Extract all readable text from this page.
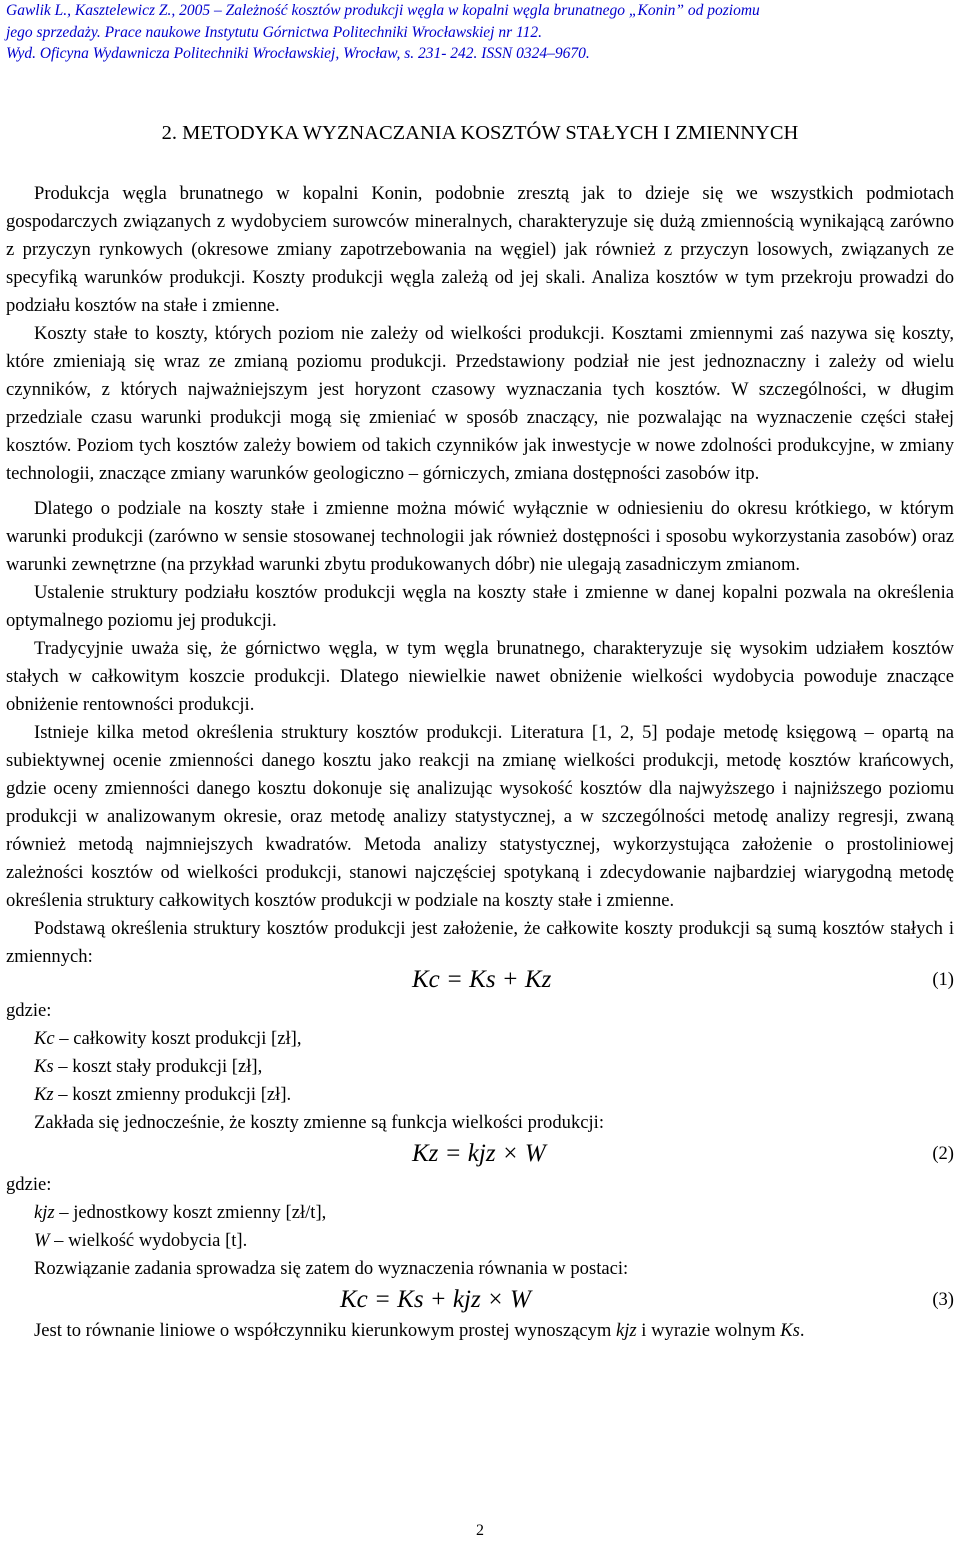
Gawlik L., Kasztelewicz Z., 2005 – Zależność kosztów produkcji węgla w kopalni węgla brunatnego „Konin” od poziomu
jego sprzedaży. Prace naukowe Instytutu Górnictwa Politechniki Wrocławskiej nr 112.
Wyd. Oficyna Wydawnicza Politechniki Wrocławskiej, Wrocław, s. 231- 242. ISSN 0324–9670.
2. METODYKA WYZNACZANIA KOSZTÓW STAŁYCH I ZMIENNYCH

Produkcja węgla brunatnego w kopalni Konin, podobnie zresztą jak to dzieje się we wszystkich podmiotach gospodarczych związanych z wydobyciem surowców mineralnych, charakteryzuje się dużą zmiennością wynikającą zarówno z przyczyn rynkowych (okresowe zmiany zapotrzebowania na węgiel) jak również z przyczyn losowych, związanych ze specyfiką warunków produkcji. Koszty produkcji węgla zależą od jej skali. Analiza kosztów w tym przekroju prowadzi do podziału kosztów na stałe i zmienne.

Koszty stałe to koszty, których poziom nie zależy od wielkości produkcji. Kosztami zmiennymi zaś nazywa się koszty, które zmieniają się wraz ze zmianą poziomu produkcji. Przedstawiony podział nie jest jednoznaczny i zależy od wielu czynników, z których najważniejszym jest horyzont czasowy wyznaczania tych kosztów. W szczególności, w długim przedziale czasu warunki produkcji mogą się zmieniać w sposób znaczący, nie pozwalając na wyznaczenie części stałej kosztów. Poziom tych kosztów zależy bowiem od takich czynników jak inwestycje w nowe zdolności produkcyjne, w zmiany technologii, znaczące zmiany warunków geologiczno – górniczych, zmiana dostępności zasobów itp.

Dlatego o podziale na koszty stałe i zmienne można mówić wyłącznie w odniesieniu do okresu krótkiego, w którym warunki produkcji (zarówno w sensie stosowanej technologii jak również dostępności i sposobu wykorzystania zasobów) oraz warunki zewnętrzne (na przykład warunki zbytu produkowanych dóbr) nie ulegają zasadniczym zmianom.

Ustalenie struktury podziału kosztów produkcji węgla na koszty stałe i zmienne w danej kopalni pozwala na określenia optymalnego poziomu jej produkcji.

Tradycyjnie uważa się, że górnictwo węgla, w tym węgla brunatnego, charakteryzuje się wysokim udziałem kosztów stałych w całkowitym koszcie produkcji. Dlatego niewielkie nawet obniżenie wielkości wydobycia powoduje znaczące obniżenie rentowności produkcji.

Istnieje kilka metod określenia struktury kosztów produkcji. Literatura [1, 2, 5] podaje metodę księgową – opartą na subiektywnej ocenie zmienności danego kosztu jako reakcji na zmianę wielkości produkcji, metodę kosztów krańcowych, gdzie oceny zmienności danego kosztu dokonuje się analizując wysokość kosztów dla najwyższego i najniższego poziomu produkcji w analizowanym okresie, oraz metodę analizy statystycznej, a w szczególności metodę analizy regresji, zwaną również metodą najmniejszych kwadratów. Metoda analizy statystycznej, wykorzystująca założenie o prostoliniowej zależności kosztów od wielkości produkcji, stanowi najczęściej spotykaną i zdecydowanie najbardziej wiarygodną metodę określenia struktury całkowitych kosztów produkcji w podziale na koszty stałe i zmienne.

Podstawą określenia struktury kosztów produkcji jest założenie, że całkowite koszty produkcji są sumą kosztów stałych i zmiennych:

Kc = Ks + Kz	(1)

gdzie:

Kc – całkowity koszt produkcji [zł],

Ks – koszt stały produkcji [zł],

Kz – koszt zmienny produkcji [zł].

Zakłada się jednocześnie, że koszty zmienne są funkcja wielkości produkcji:

Kz = kjz × W	(2)

gdzie:

kjz – jednostkowy koszt zmienny [zł/t],

W – wielkość wydobycia [t].

Rozwiązanie zadania sprowadza się zatem do wyznaczenia równania w postaci:

Kc = Ks + kjz × W	(3)

Jest to równanie liniowe o współczynniku kierunkowym prostej wynoszącym kjz i wyrazie wolnym Ks.

2
